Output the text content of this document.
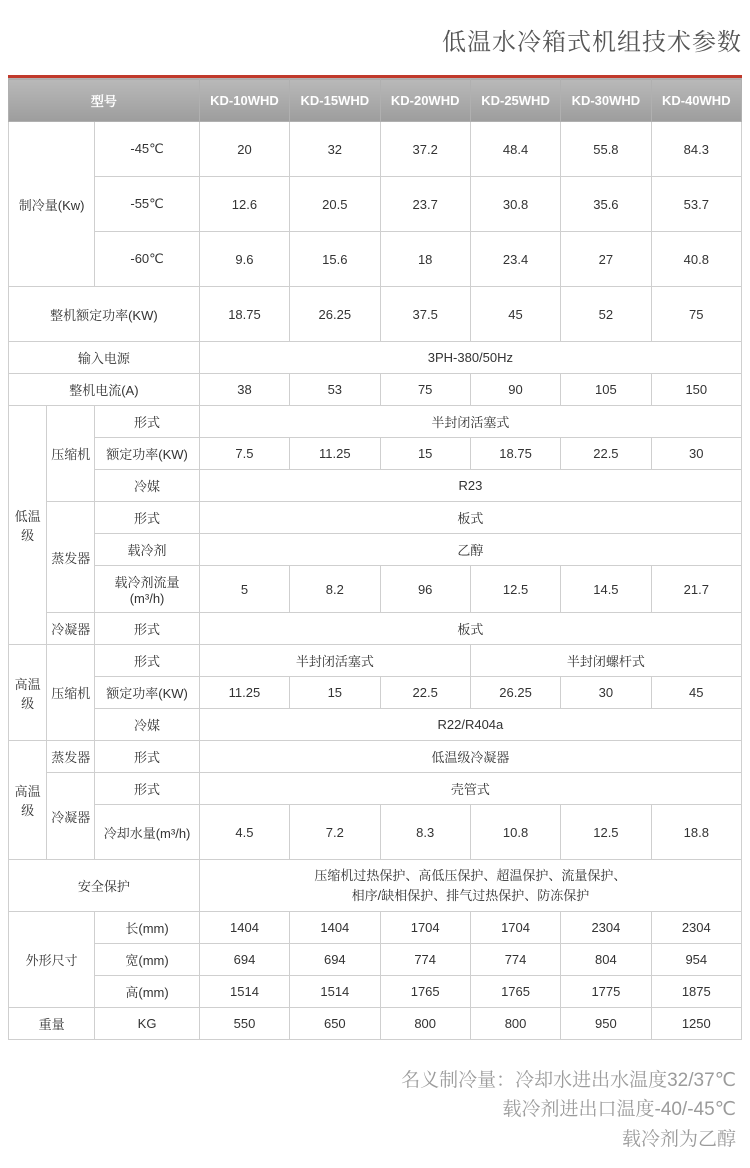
低温水冷箱式机组技术参数
型号			KD-10WHD	KD-15WHD	KD-20WHD	KD-25WHD	KD-30WHD	KD-40WHD
制冷量(Kw)		-45℃	20	32	37.2	48.4	55.8	84.3
		-55℃	12.6	20.5	23.7	30.8	35.6	53.7
		-60℃	9.6	15.6	18	23.4	27	40.8
整机额定功率(KW)			18.75	26.25	37.5	45	52	75
输入电源			3PH-380/50Hz					
整机电流(A)			38	53	75	90	105	150
低温级	压缩机	形式	半封闭活塞式					
		额定功率(KW)	7.5	11.25	15	18.75	22.5	30
		冷媒	R23					
	蒸发器	形式	板式					
		载冷剂	乙醇					
		载冷剂流量(m³/h)	5	8.2	96	12.5	14.5	21.7
	冷凝器	形式	板式					
高温级	压缩机	形式	半封闭活塞式			半封闭螺杆式		
		额定功率(KW)	11.25	15	22.5	26.25	30	45
		冷媒	R22/R404a					
高温级	蒸发器	形式	低温级冷凝器					
	冷凝器	形式	壳管式					
		冷却水量(m³/h)	4.5	7.2	8.3	10.8	12.5	18.8

安全保护			压缩机过热保护、高低压保护、超温保护、流量保护、
相序/缺相保护、排气过热保护、防冻保护					

外形尺寸		长(mm)	1404	1404	1704	1704	2304	2304
		宽(mm)	694	694	774	774	804	954
		高(mm)	1514	1514	1765	1765	1775	1875
重量		KG	550	650	800	800	950	1250
名义制冷量：冷却水进出水温度32/37℃
载冷剂进出口温度-40/-45℃
载冷剂为乙醇
